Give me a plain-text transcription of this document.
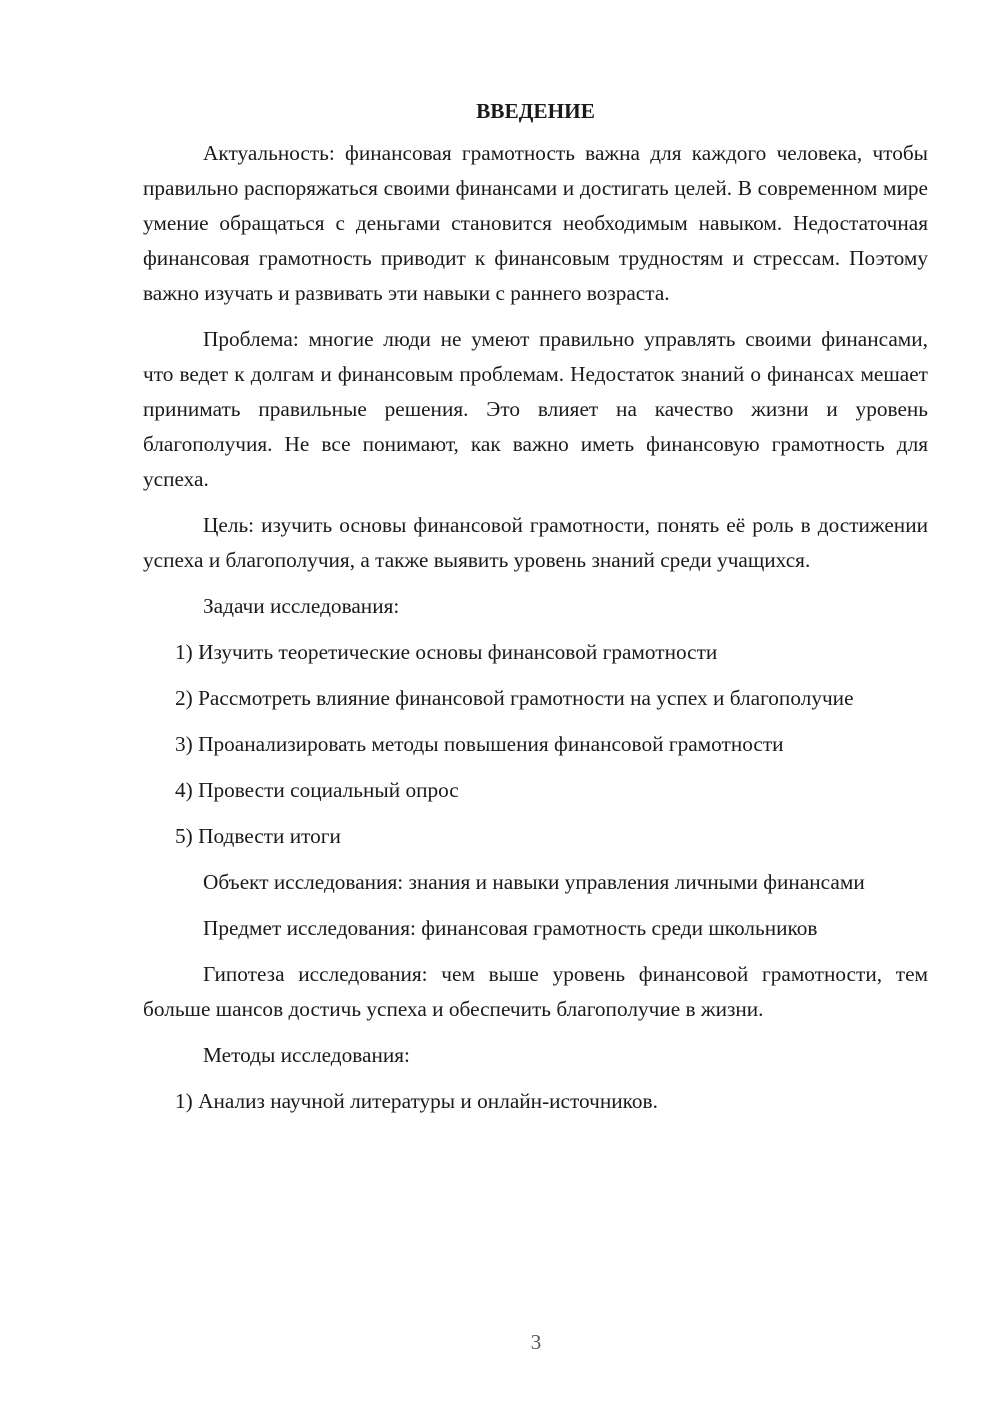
ВВЕДЕНИЕ

Актуальность: финансовая грамотность важна для каждого человека, чтобы правильно распоряжаться своими финансами и достигать целей. В современном мире умение обращаться с деньгами становится необходимым навыком. Недостаточная финансовая грамотность приводит к финансовым трудностям и стрессам. Поэтому важно изучать и развивать эти навыки с раннего возраста.

Проблема: многие люди не умеют правильно управлять своими финансами, что ведет к долгам и финансовым проблемам. Недостаток знаний о финансах мешает принимать правильные решения. Это влияет на качество жизни и уровень благополучия. Не все понимают, как важно иметь финансовую грамотность для успеха.

Цель: изучить основы финансовой грамотности, понять её роль в достижении успеха и благополучия, а также выявить уровень знаний среди учащихся.

Задачи исследования:

1) Изучить теоретические основы финансовой грамотности

2) Рассмотреть влияние финансовой грамотности на успех и благополучие

3) Проанализировать методы повышения финансовой грамотности

4) Провести социальный опрос

5) Подвести итоги

Объект исследования: знания и навыки управления личными финансами

Предмет исследования: финансовая грамотность среди школьников

Гипотеза исследования: чем выше уровень финансовой грамотности, тем больше шансов достичь успеха и обеспечить благополучие в жизни.

Методы исследования:

1) Анализ научной литературы и онлайн-источников.

3
